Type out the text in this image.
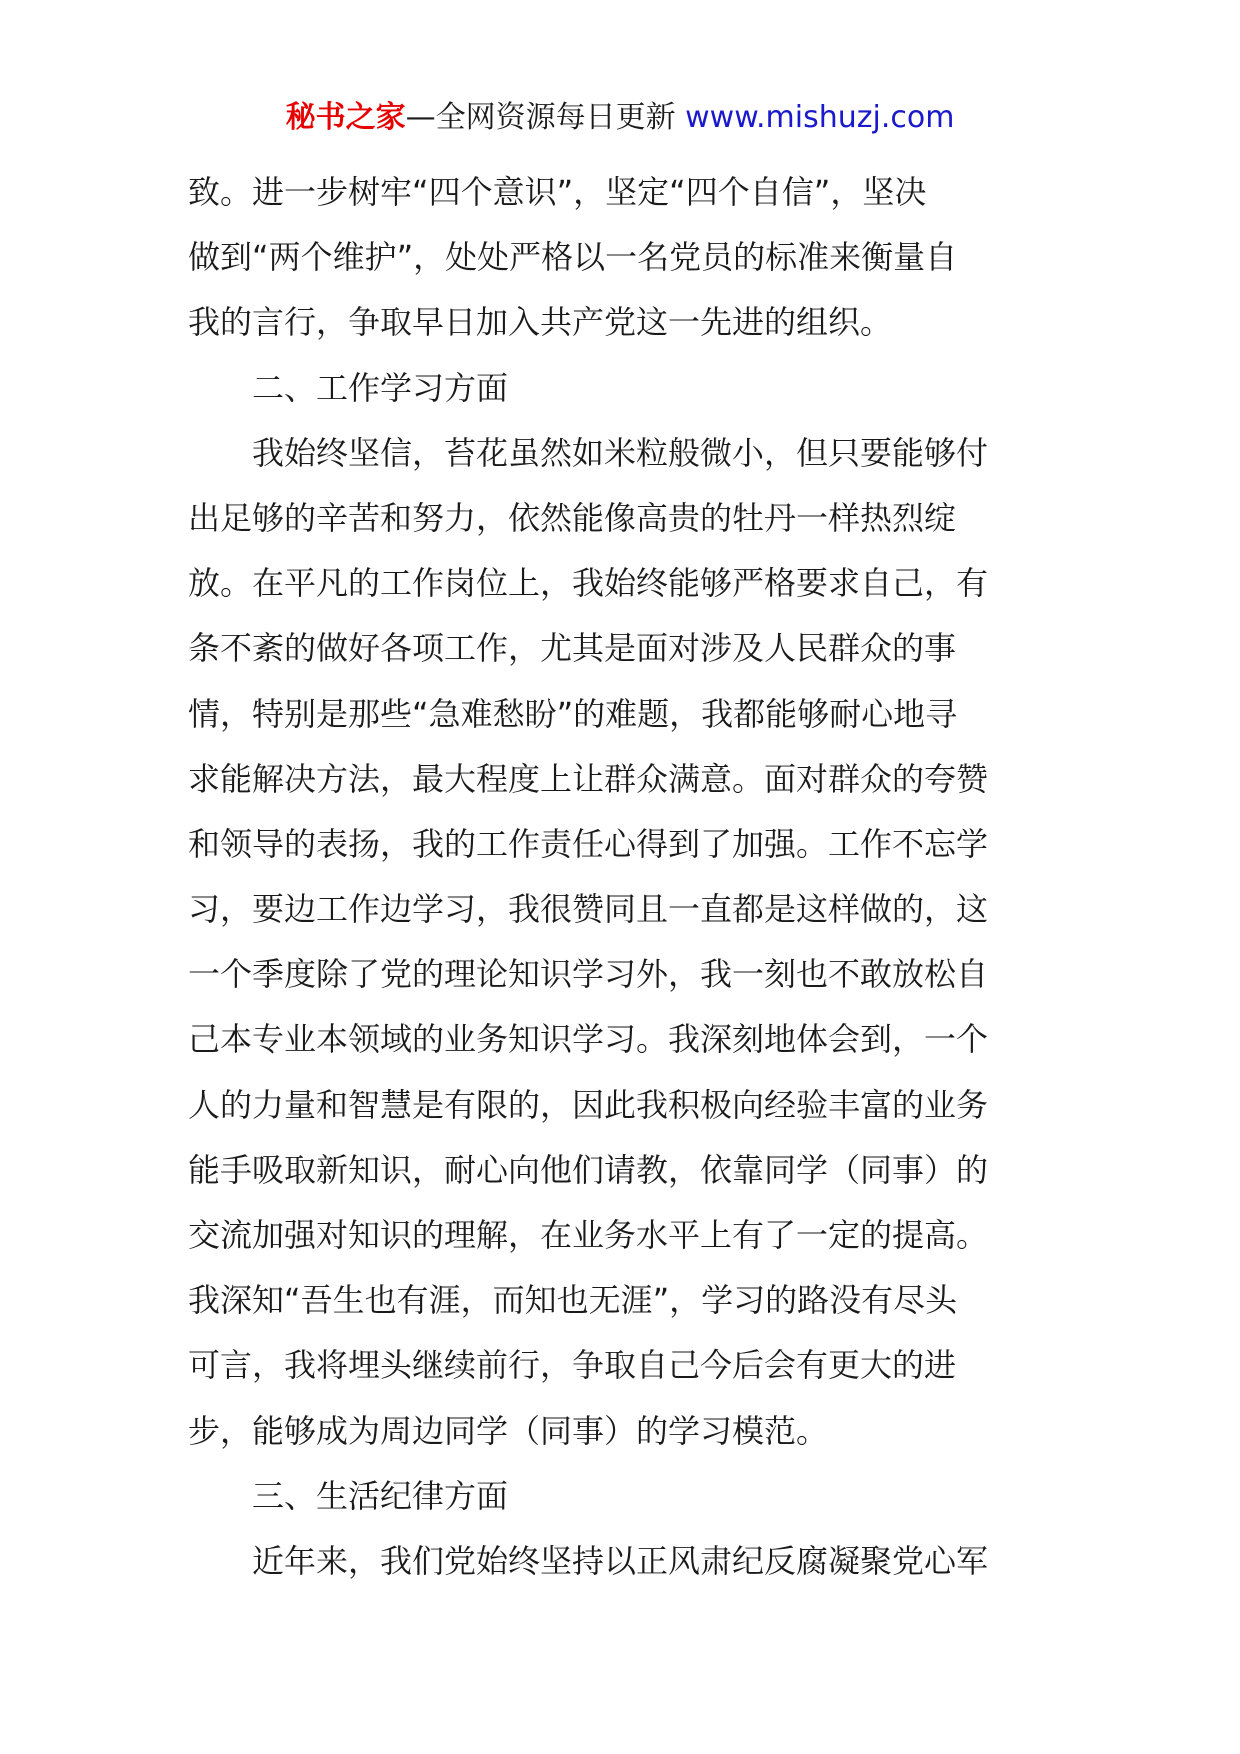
秘书之家—全网资源每日更新 www.mishuzj.com
致。进一步树牢“四个意识”，坚定“四个自信”，坚决
做到“两个维护”，处处严格以一名党员的标准来衡量自
我的言行，争取早日加入共产党这一先进的组织。
二、工作学习方面
我始终坚信，苔花虽然如米粒般微小，但只要能够付
出足够的辛苦和努力，依然能像高贵的牡丹一样热烈绽
放。在平凡的工作岗位上，我始终能够严格要求自己，有
条不紊的做好各项工作，尤其是面对涉及人民群众的事
情，特别是那些“急难愁盼”的难题，我都能够耐心地寻
求能解决方法，最大程度上让群众满意。面对群众的夸赞
和领导的表扬，我的工作责任心得到了加强。工作不忘学
习，要边工作边学习，我很赞同且一直都是这样做的，这
一个季度除了党的理论知识学习外，我一刻也不敢放松自
己本专业本领域的业务知识学习。我深刻地体会到，一个
人的力量和智慧是有限的，因此我积极向经验丰富的业务
能手吸取新知识，耐心向他们请教，依靠同学（同事）的
交流加强对知识的理解，在业务水平上有了一定的提高。
我深知“吾生也有涯，而知也无涯”，学习的路没有尽头
可言，我将埋头继续前行，争取自己今后会有更大的进
步，能够成为周边同学（同事）的学习模范。
三、生活纪律方面
近年来，我们党始终坚持以正风肃纪反腐凝聚党心军
